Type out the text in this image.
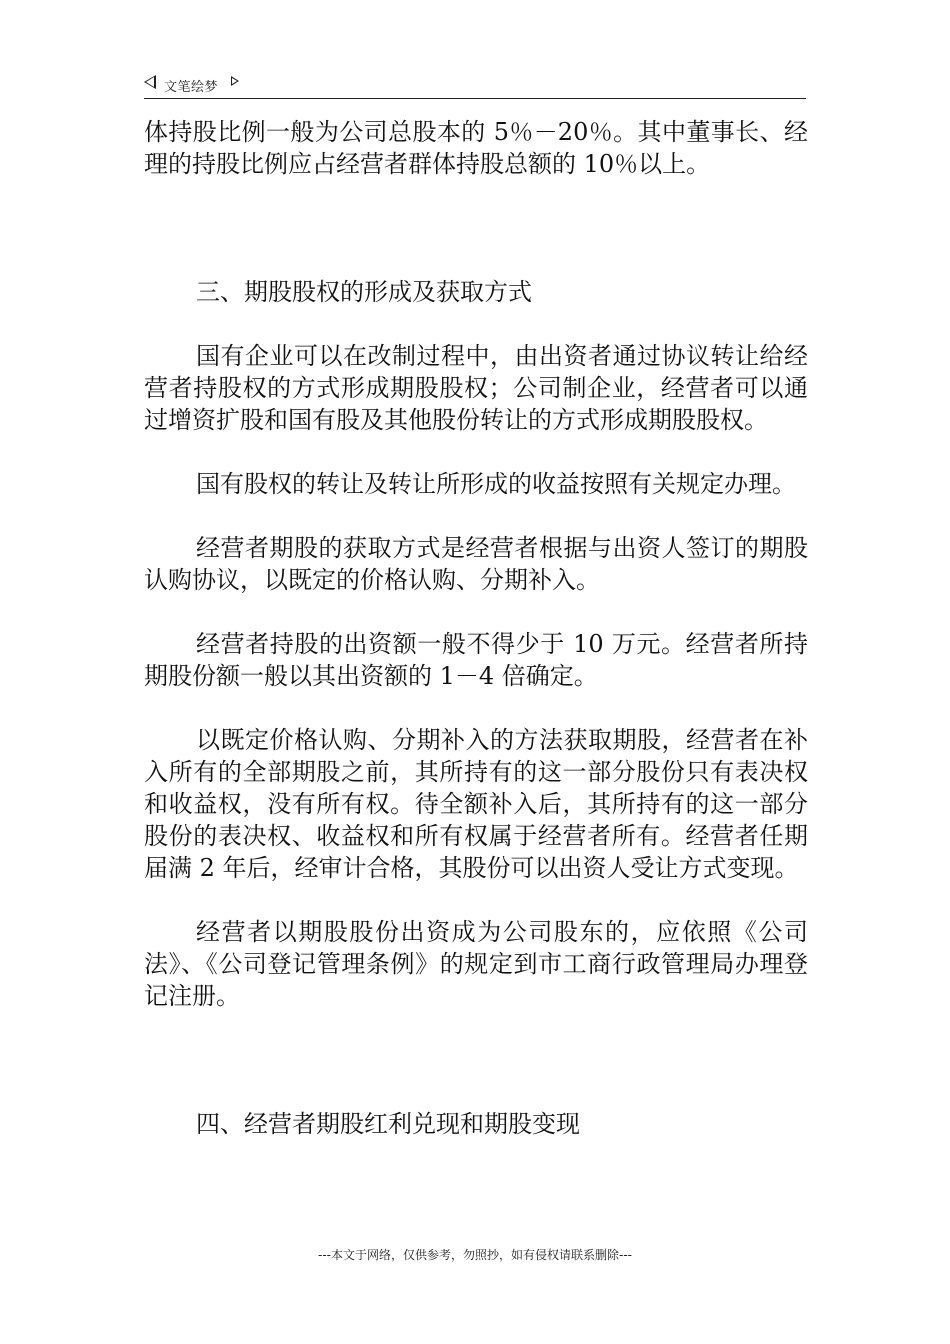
文笔绘梦

体持股比例一般为公司总股本的 5％－20％。其中董事长、经理的持股比例应占经营者群体持股总额的 10％以上。

三、期股股权的形成及获取方式

国有企业可以在改制过程中，由出资者通过协议转让给经营者持股权的方式形成期股股权；公司制企业，经营者可以通过增资扩股和国有股及其他股份转让的方式形成期股股权。

国有股权的转让及转让所形成的收益按照有关规定办理。

经营者期股的获取方式是经营者根据与出资人签订的期股认购协议，以既定的价格认购、分期补入。

经营者持股的出资额一般不得少于 10 万元。经营者所持期股份额一般以其出资额的 1－4 倍确定。

以既定价格认购、分期补入的方法获取期股，经营者在补入所有的全部期股之前，其所持有的这一部分股份只有表决权和收益权，没有所有权。待全额补入后，其所持有的这一部分股份的表决权、收益权和所有权属于经营者所有。经营者任期届满 2 年后，经审计合格，其股份可以出资人受让方式变现。

经营者以期股股份出资成为公司股东的，应依照《公司法》、《公司登记管理条例》的规定到市工商行政管理局办理登记注册。

四、经营者期股红利兑现和期股变现

---本文于网络，仅供参考，勿照抄，如有侵权请联系删除---
